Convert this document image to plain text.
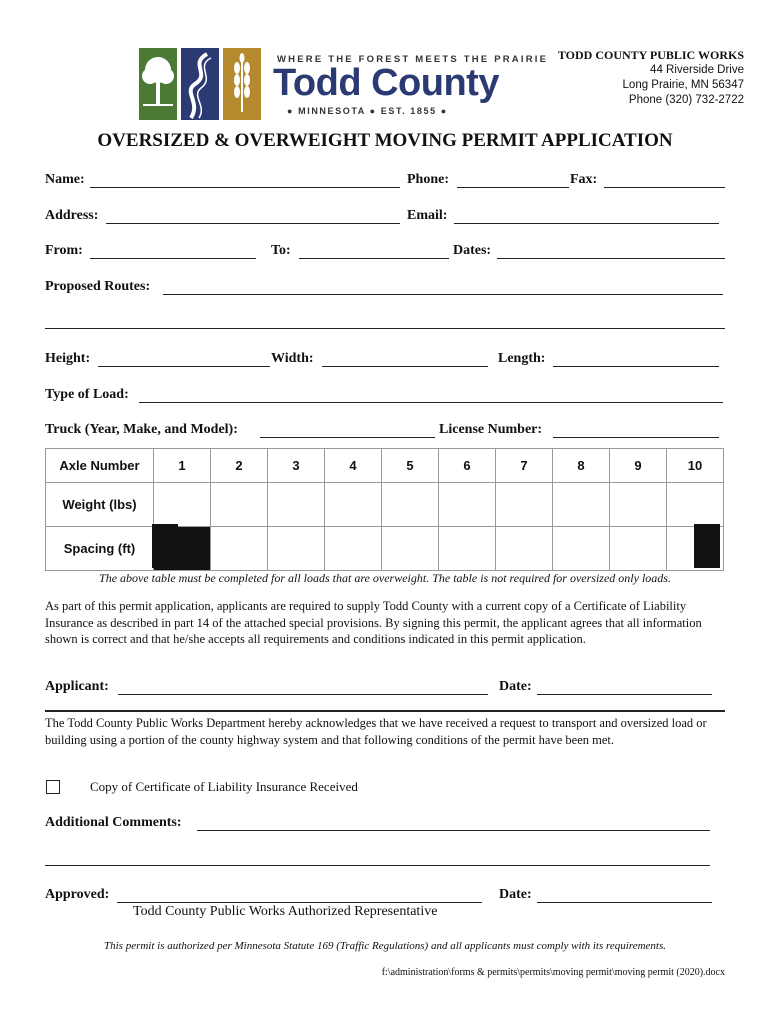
WHERE THE FOREST MEETS THE PRAIRIE
Todd County
● MINNESOTA ● EST. 1855 ●
TODD COUNTY PUBLIC WORKS
44 Riverside Drive
Long Prairie, MN 56347
Phone (320) 732-2722
OVERSIZED & OVERWEIGHT MOVING PERMIT APPLICATION
Name:	Phone:	Fax:
Address:	Email:
From:	To:	Dates:
Proposed Routes:
Height:	Width:	Length:
Type of Load:
Truck (Year, Make, and Model):	License Number:
Axle Number	1	2	3	4	5	6	7	8	9	10
Weight (lbs)										
Spacing (ft)										
The above table must be completed for all loads that are overweight. The table is not required for oversized only loads.
As part of this permit application, applicants are required to supply Todd County with a current copy of a Certificate of Liability Insurance as described in part 14 of the attached special provisions. By signing this permit, the applicant agrees that all information shown is correct and that he/she accepts all requirements and conditions indicated in this permit application.
Applicant:	Date:
The Todd County Public Works Department hereby acknowledges that we have received a request to transport and oversized load or building using a portion of the county highway system and that following conditions of the permit have been met.
Copy of Certificate of Liability Insurance Received
Additional Comments:
Approved:	Date:
Todd County Public Works Authorized Representative
This permit is authorized per Minnesota Statute 169 (Traffic Regulations) and all applicants must comply with its requirements.
f:\administration\forms & permits\permits\moving permit\moving permit (2020).docx
